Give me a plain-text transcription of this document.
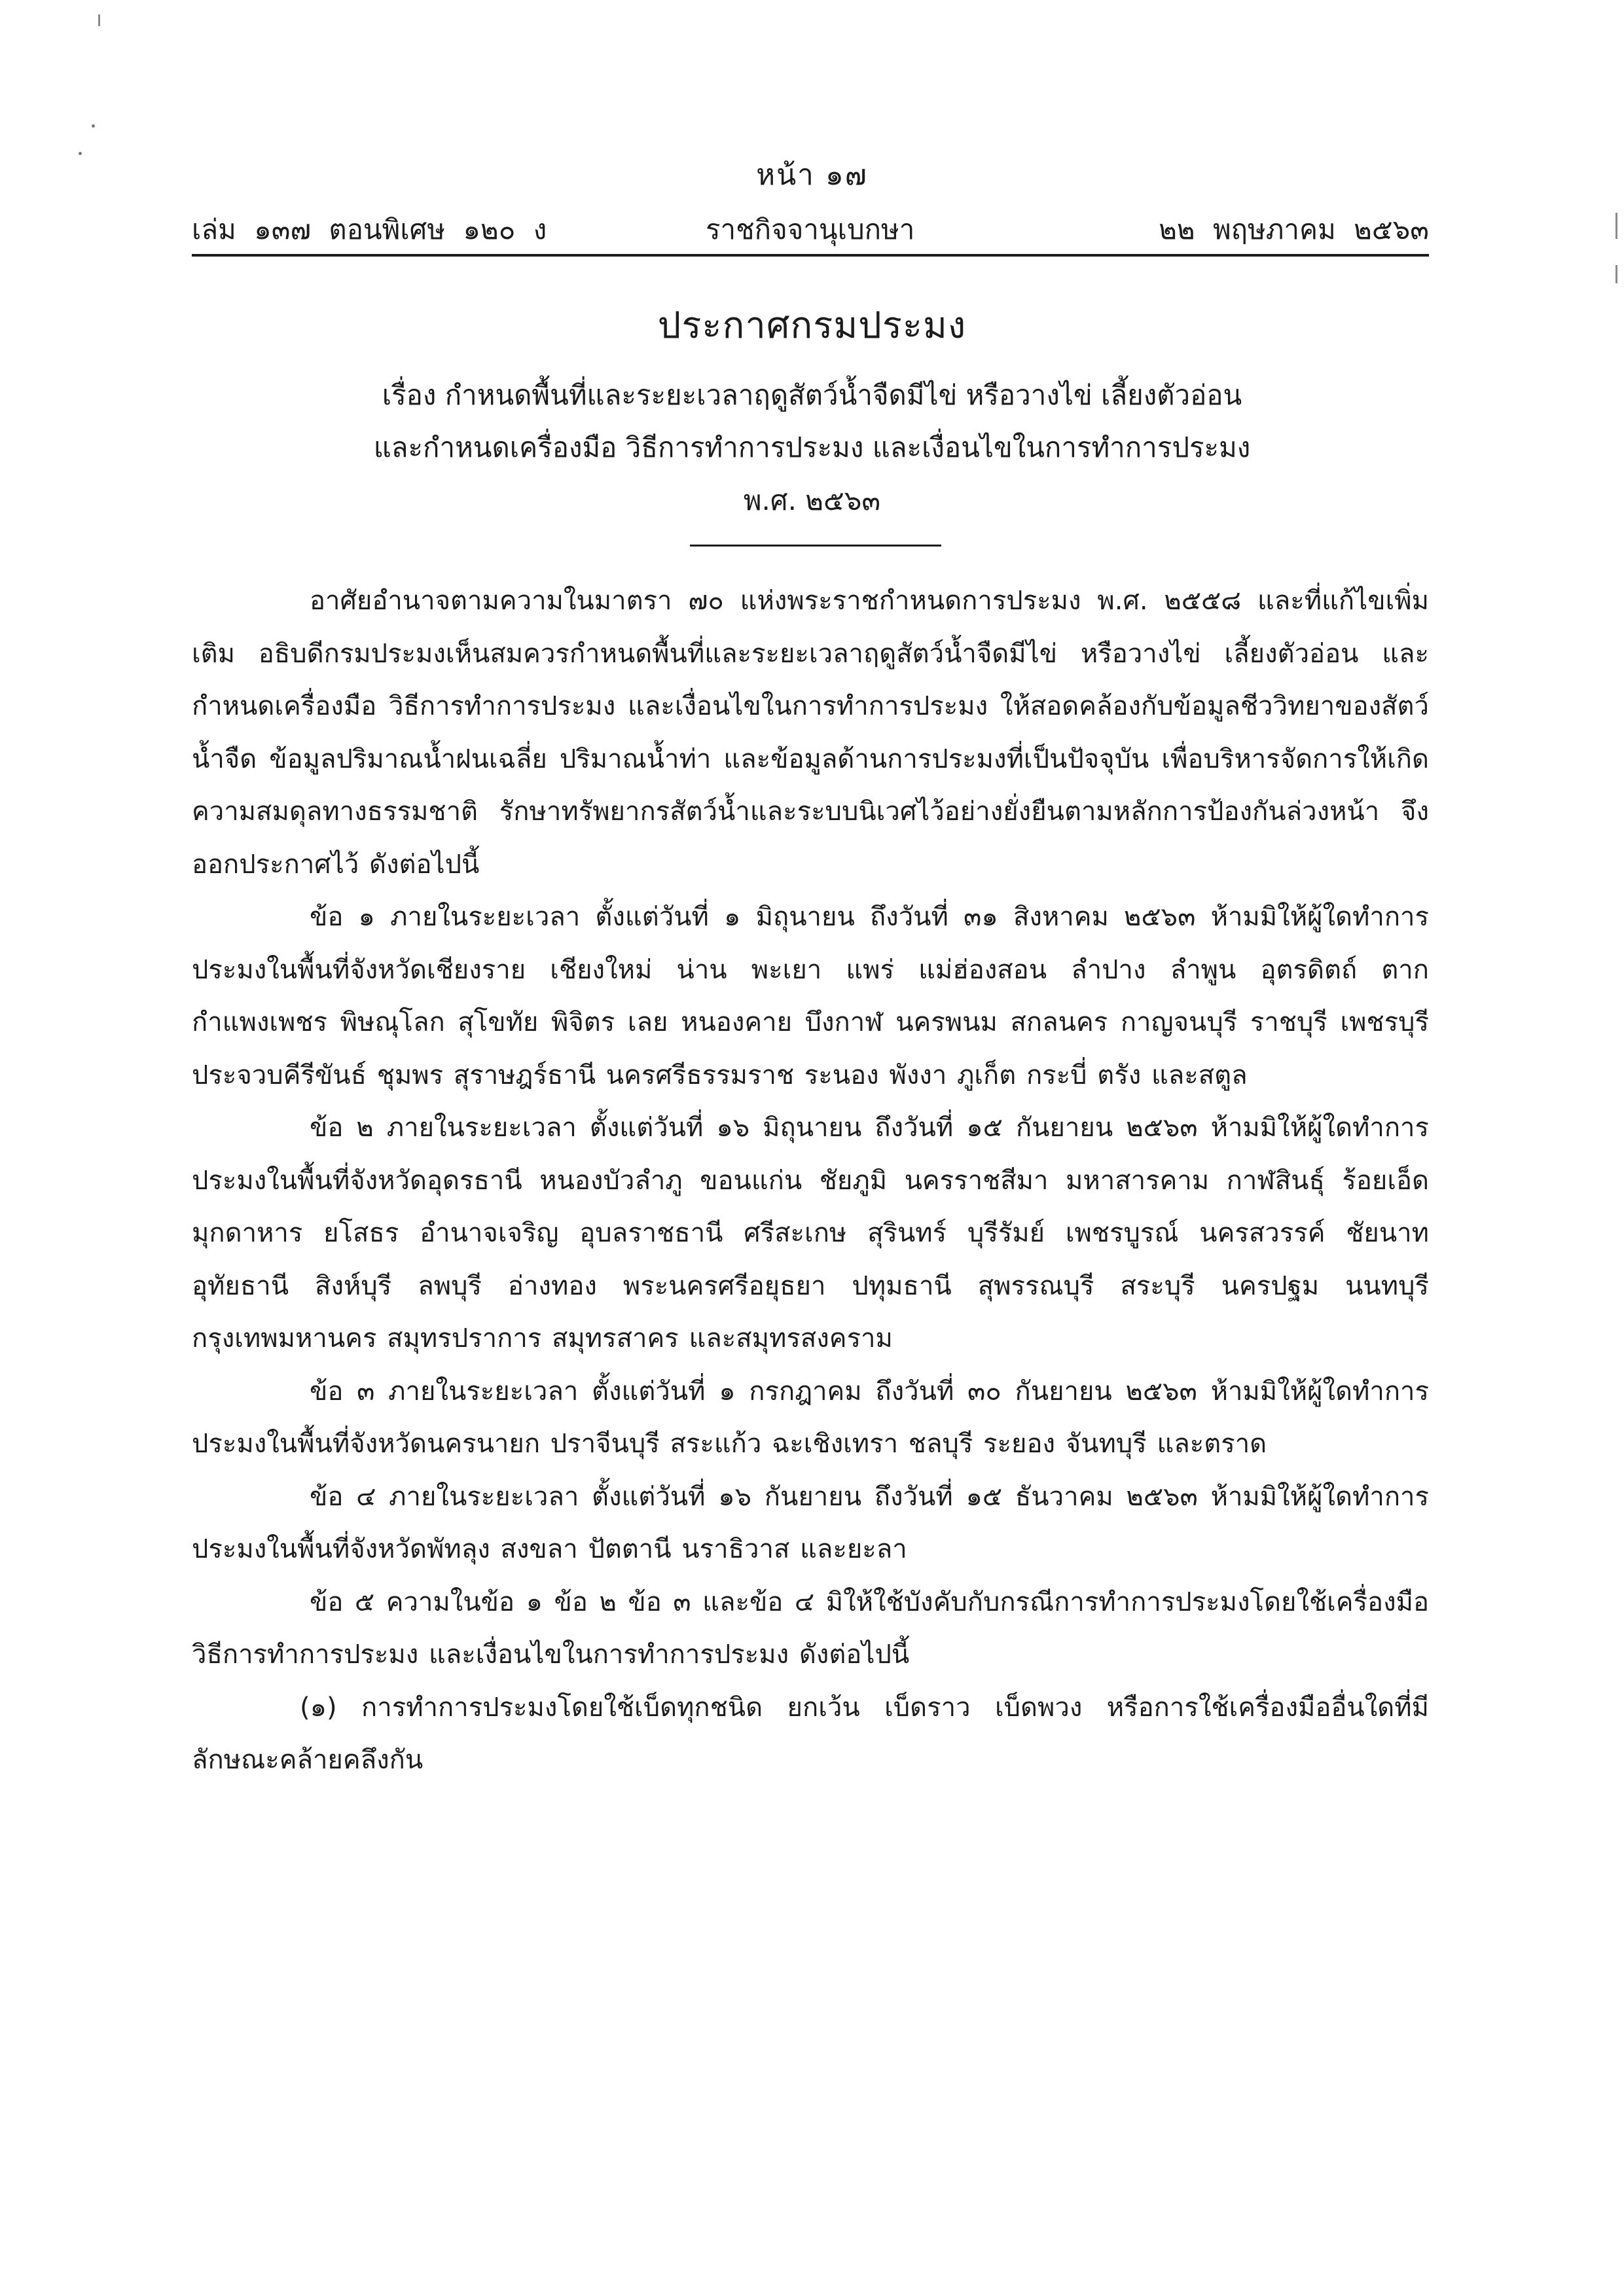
หน้า ๑๗
เล่ม ๑๓๗ ตอนพิเศษ ๑๒๐ ง	ราชกิจจานุเบกษา	๒๒ พฤษภาคม ๒๕๖๓
ประกาศกรมประมง
เรื่อง กำหนดพื้นที่และระยะเวลาฤดูสัตว์น้ำจืดมีไข่ หรือวางไข่ เลี้ยงตัวอ่อน
และกำหนดเครื่องมือ วิธีการทำการประมง และเงื่อนไขในการทำการประมง
พ.ศ. ๒๕๖๓

อาศัยอำนาจตามความในมาตรา ๗๐ แห่งพระราชกำหนดการประมง พ.ศ. ๒๕๕๘ และที่แก้ไขเพิ่มเติม อธิบดีกรมประมงเห็นสมควรกำหนดพื้นที่และระยะเวลาฤดูสัตว์น้ำจืดมีไข่ หรือวางไข่ เลี้ยงตัวอ่อน และกำหนดเครื่องมือ วิธีการทำการประมง และเงื่อนไขในการทำการประมง ให้สอดคล้องกับข้อมูลชีววิทยาของสัตว์น้ำจืด ข้อมูลปริมาณน้ำฝนเฉลี่ย ปริมาณน้ำท่า และข้อมูลด้านการประมงที่เป็นปัจจุบัน เพื่อบริหารจัดการให้เกิดความสมดุลทางธรรมชาติ รักษาทรัพยากรสัตว์น้ำและระบบนิเวศไว้อย่างยั่งยืนตามหลักการป้องกันล่วงหน้า จึงออกประกาศไว้ ดังต่อไปนี้

ข้อ ๑ ภายในระยะเวลา ตั้งแต่วันที่ ๑ มิถุนายน ถึงวันที่ ๓๑ สิงหาคม ๒๕๖๓ ห้ามมิให้ผู้ใดทำการประมงในพื้นที่จังหวัดเชียงราย เชียงใหม่ น่าน พะเยา แพร่ แม่ฮ่องสอน ลำปาง ลำพูน อุตรดิตถ์ ตาก กำแพงเพชร พิษณุโลก สุโขทัย พิจิตร เลย หนองคาย บึงกาฬ นครพนม สกลนคร กาญจนบุรี ราชบุรี เพชรบุรี ประจวบคีรีขันธ์ ชุมพร สุราษฎร์ธานี นครศรีธรรมราช ระนอง พังงา ภูเก็ต กระบี่ ตรัง และสตูล

ข้อ ๒ ภายในระยะเวลา ตั้งแต่วันที่ ๑๖ มิถุนายน ถึงวันที่ ๑๕ กันยายน ๒๕๖๓ ห้ามมิให้ผู้ใดทำการประมงในพื้นที่จังหวัดอุดรธานี หนองบัวลำภู ขอนแก่น ชัยภูมิ นครราชสีมา มหาสารคาม กาฬสินธุ์ ร้อยเอ็ด มุกดาหาร ยโสธร อำนาจเจริญ อุบลราชธานี ศรีสะเกษ สุรินทร์ บุรีรัมย์ เพชรบูรณ์ นครสวรรค์ ชัยนาท อุทัยธานี สิงห์บุรี ลพบุรี อ่างทอง พระนครศรีอยุธยา ปทุมธานี สุพรรณบุรี สระบุรี นครปฐม นนทบุรี กรุงเทพมหานคร สมุทรปราการ สมุทรสาคร และสมุทรสงคราม

ข้อ ๓ ภายในระยะเวลา ตั้งแต่วันที่ ๑ กรกฎาคม ถึงวันที่ ๓๐ กันยายน ๒๕๖๓ ห้ามมิให้ผู้ใดทำการประมงในพื้นที่จังหวัดนครนายก ปราจีนบุรี สระแก้ว ฉะเชิงเทรา ชลบุรี ระยอง จันทบุรี และตราด

ข้อ ๔ ภายในระยะเวลา ตั้งแต่วันที่ ๑๖ กันยายน ถึงวันที่ ๑๕ ธันวาคม ๒๕๖๓ ห้ามมิให้ผู้ใดทำการประมงในพื้นที่จังหวัดพัทลุง สงขลา ปัตตานี นราธิวาส และยะลา

ข้อ ๕ ความในข้อ ๑ ข้อ ๒ ข้อ ๓ และข้อ ๔ มิให้ใช้บังคับกับกรณีการทำการประมงโดยใช้เครื่องมือ วิธีการทำการประมง และเงื่อนไขในการทำการประมง ดังต่อไปนี้

(๑) การทำการประมงโดยใช้เบ็ดทุกชนิด ยกเว้น เบ็ดราว เบ็ดพวง หรือการใช้เครื่องมืออื่นใดที่มีลักษณะคล้ายคลึงกัน
